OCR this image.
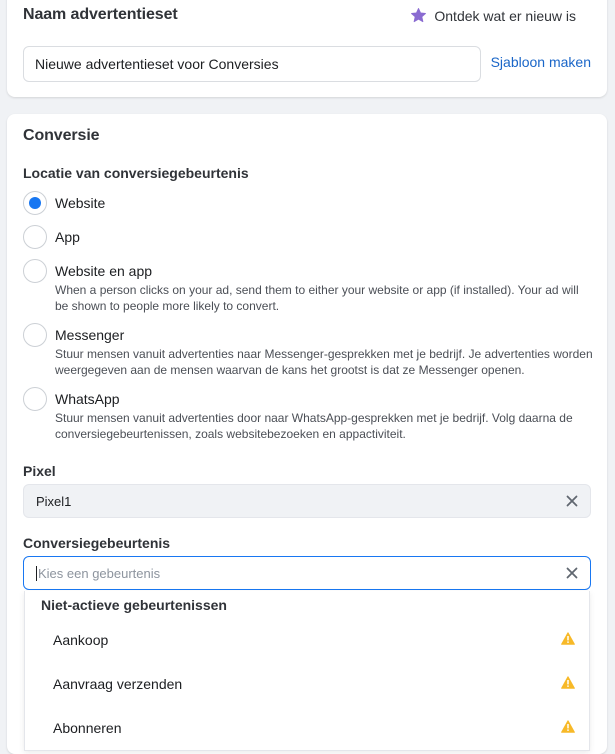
Naam advertentieset	Ontdek wat er nieuw is
Nieuwe advertentieset voor Conversies	Sjabloon maken
Conversie
Locatie van conversiegebeurtenis
Website
App
Website en app
When a person clicks on your ad, send them to either your website or app (if installed). Your ad will be shown to people more likely to convert.
Messenger
Stuur mensen vanuit advertenties naar Messenger-gesprekken met je bedrijf. Je advertenties worden weergegeven aan de mensen waarvan de kans het grootst is dat ze Messenger openen.
WhatsApp
Stuur mensen vanuit advertenties door naar WhatsApp-gesprekken met je bedrijf. Volg daarna de conversiegebeurtenissen, zoals websitebezoeken en appactiviteit.
Pixel
Pixel1
Conversiegebeurtenis
Kies een gebeurtenis
Niet-actieve gebeurtenissen
Aankoop
Aanvraag verzenden
Abonneren
